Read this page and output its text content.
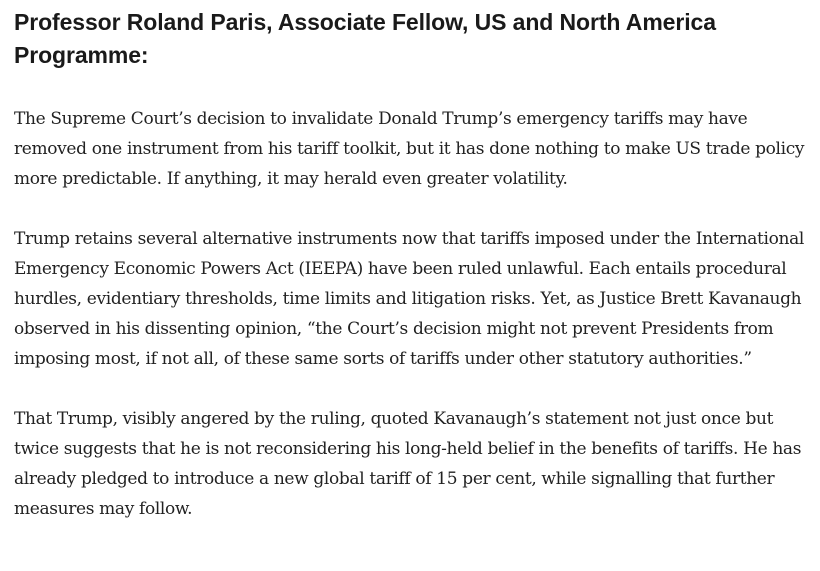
Professor Roland Paris, Associate Fellow, US and North America Programme:

The Supreme Court’s decision to invalidate Donald Trump’s emergency tariffs may have removed one instrument from his tariff toolkit, but it has done nothing to make US trade policy more predictable. If anything, it may herald even greater volatility.

Trump retains several alternative instruments now that tariffs imposed under the International Emergency Economic Powers Act (IEEPA) have been ruled unlawful. Each entails procedural hurdles, evidentiary thresholds, time limits and litigation risks. Yet, as Justice Brett Kavanaugh observed in his dissenting opinion, “the Court’s decision might not prevent Presidents from imposing most, if not all, of these same sorts of tariffs under other statutory authorities.”

That Trump, visibly angered by the ruling, quoted Kavanaugh’s statement not just once but twice suggests that he is not reconsidering his long-held belief in the benefits of tariffs. He has already pledged to introduce a new global tariff of 15 per cent, while signalling that further measures may follow.
